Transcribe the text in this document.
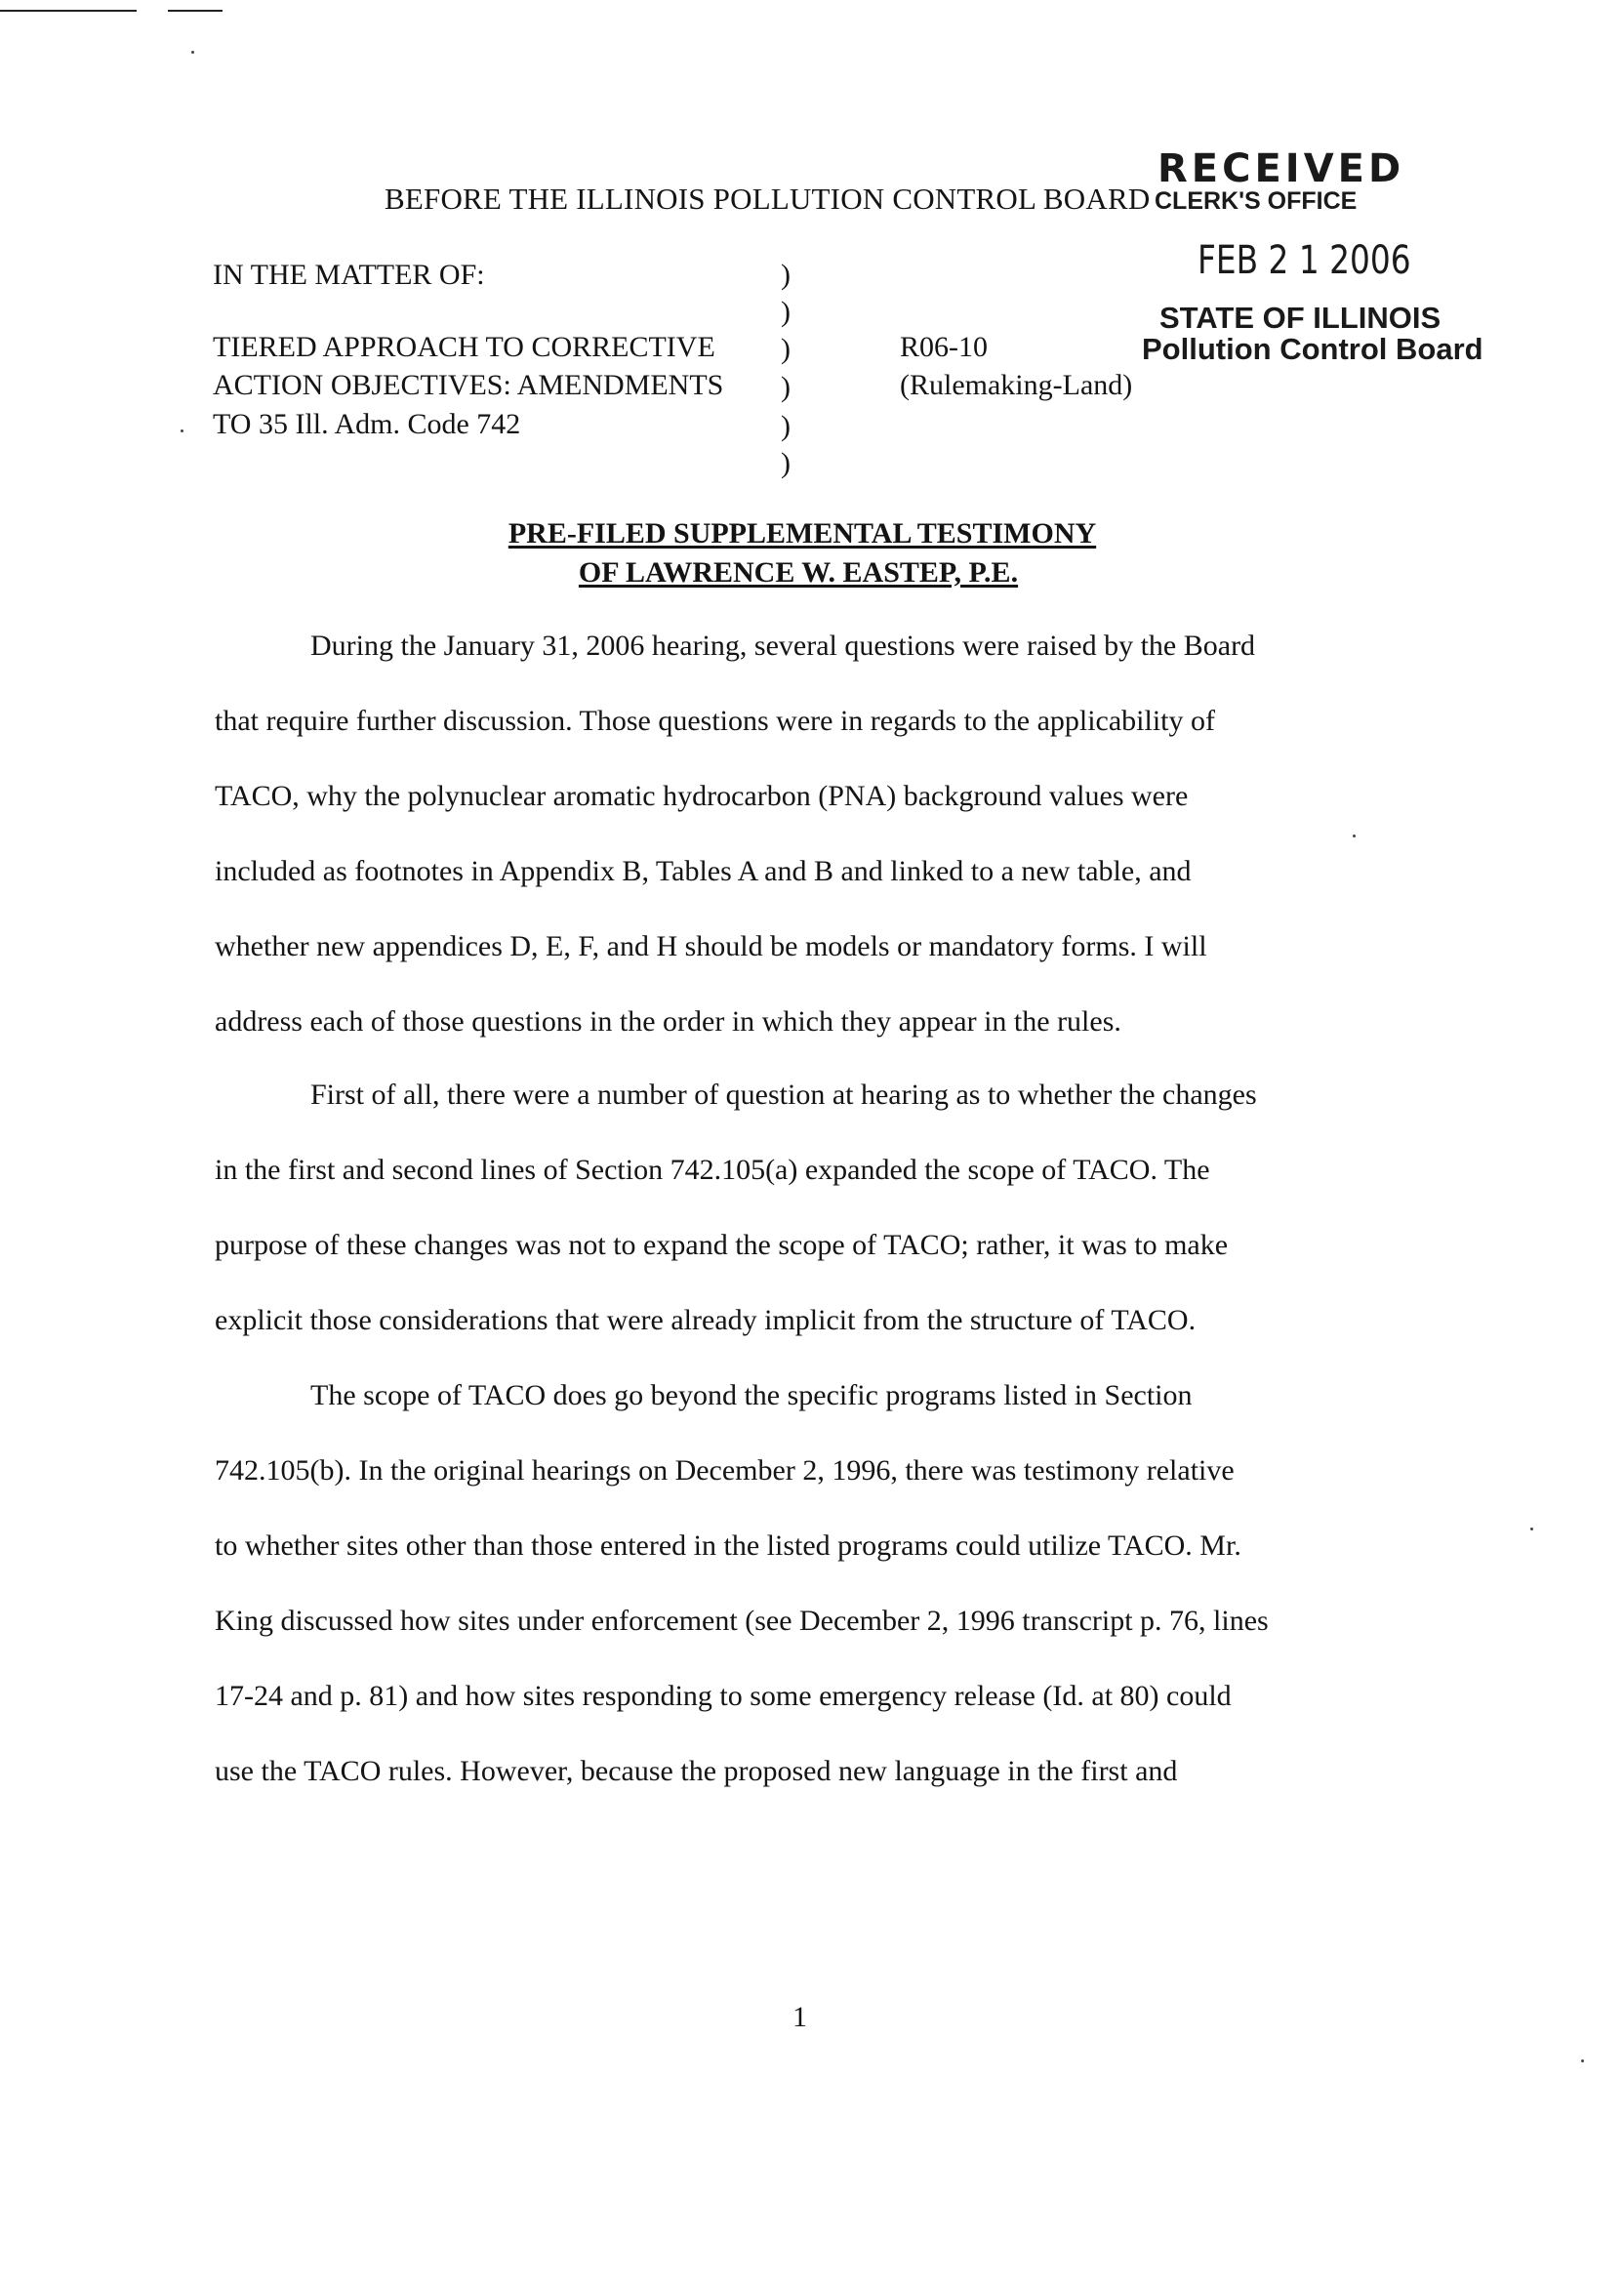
RECEIVED
CLERK'S OFFICE
FEB 2 1 2006
STATE OF ILLINOIS
Pollution Control Board
BEFORE THE ILLINOIS POLLUTION CONTROL BOARD
IN THE MATTER OF:
TIERED APPROACH TO CORRECTIVE
ACTION OBJECTIVES: AMENDMENTS
TO 35 Ill. Adm. Code 742
)
)
)
)
)
)
R06-10
(Rulemaking-Land)
PRE-FILED SUPPLEMENTAL TESTIMONY
OF LAWRENCE W. EASTEP, P.E.
During the January 31, 2006 hearing, several questions were raised by the Board
that require further discussion. Those questions were in regards to the applicability of
TACO, why the polynuclear aromatic hydrocarbon (PNA) background values were
included as footnotes in Appendix B, Tables A and B and linked to a new table, and
whether new appendices D, E, F, and H should be models or mandatory forms. I will
address each of those questions in the order in which they appear in the rules.
First of all, there were a number of question at hearing as to whether the changes
in the first and second lines of Section 742.105(a) expanded the scope of TACO. The
purpose of these changes was not to expand the scope of TACO; rather, it was to make
explicit those considerations that were already implicit from the structure of TACO.
The scope of TACO does go beyond the specific programs listed in Section
742.105(b). In the original hearings on December 2, 1996, there was testimony relative
to whether sites other than those entered in the listed programs could utilize TACO. Mr.
King discussed how sites under enforcement (see December 2, 1996 transcript p. 76, lines
17-24 and p. 81) and how sites responding to some emergency release (Id. at 80) could
use the TACO rules. However, because the proposed new language in the first and
1
